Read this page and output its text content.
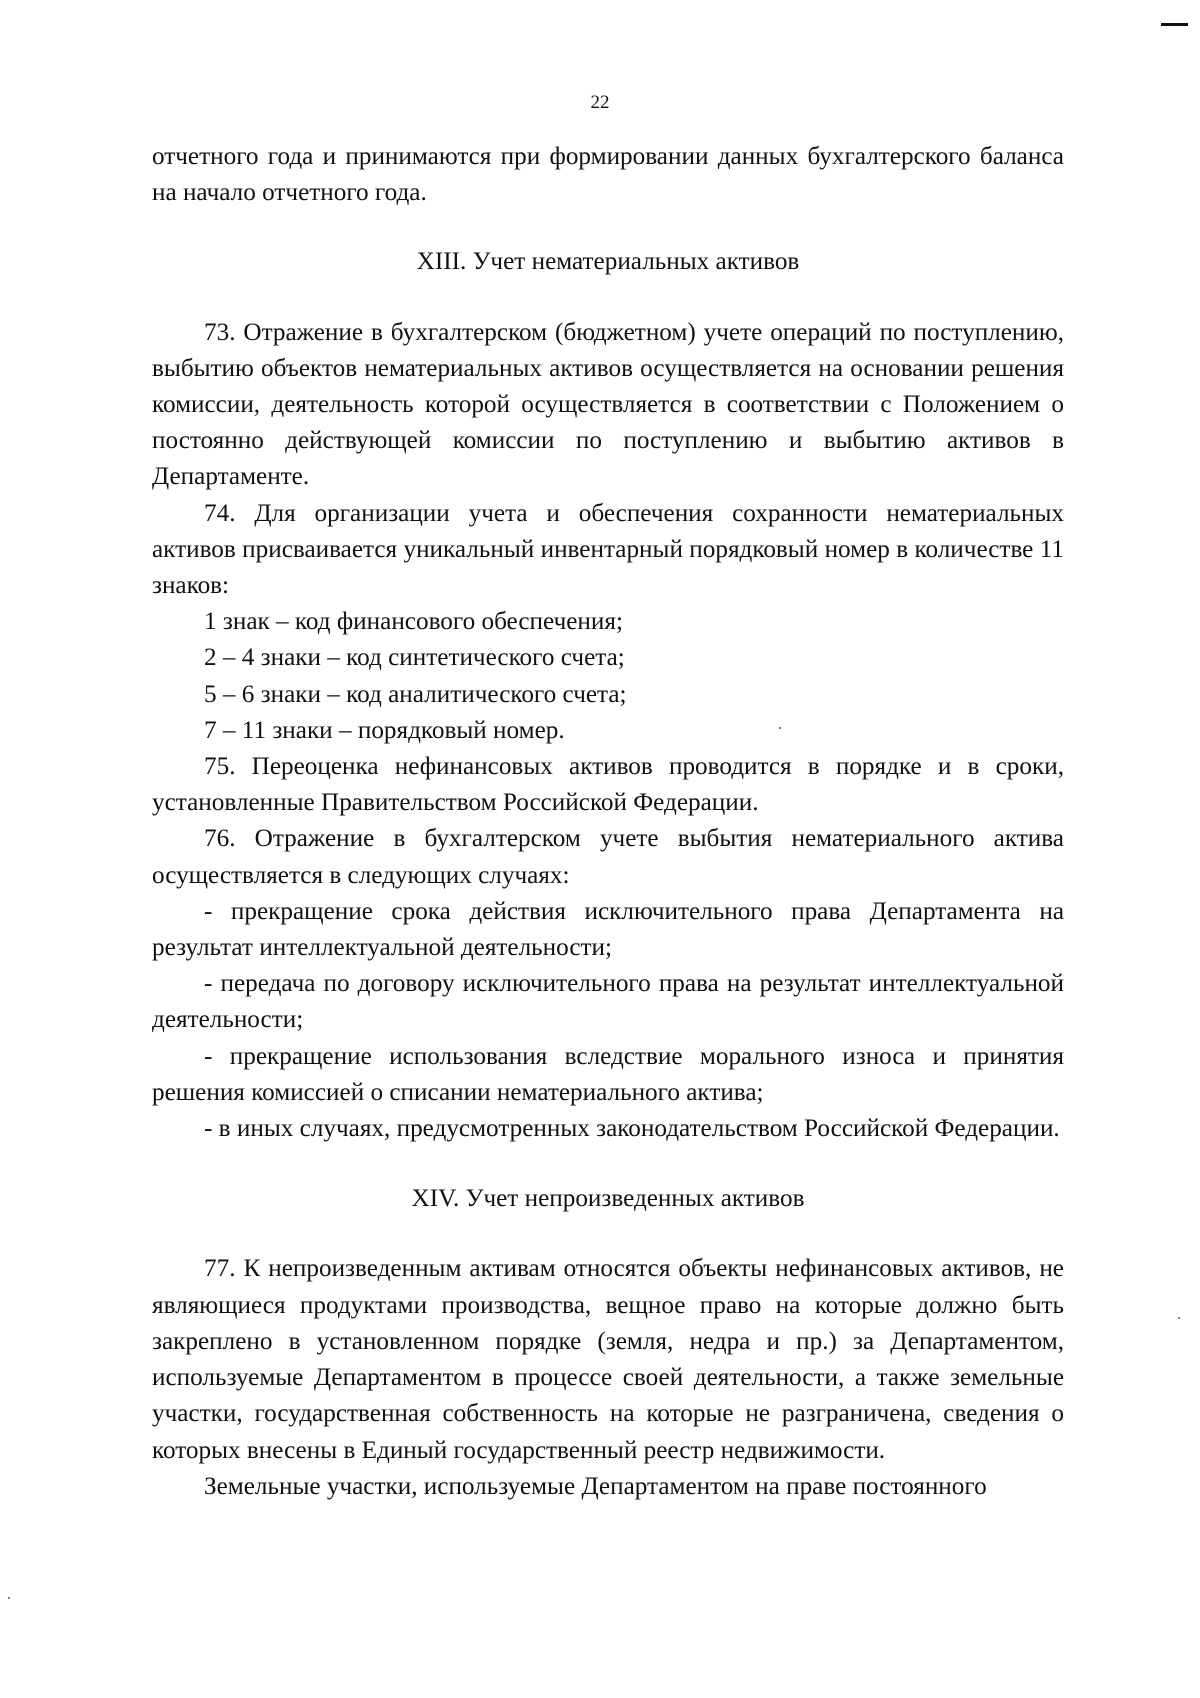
22

отчетного года и принимаются при формировании данных бухгалтерского баланса на начало отчетного года.

XIII. Учет нематериальных активов

73. Отражение в бухгалтерском (бюджетном) учете операций по поступлению, выбытию объектов нематериальных активов осуществляется на основании решения комиссии, деятельность которой осуществляется в соответствии с Положением о постоянно действующей комиссии по поступлению и выбытию активов в Департаменте.

74. Для организации учета и обеспечения сохранности нематериальных активов присваивается уникальный инвентарный порядковый номер в количестве 11 знаков:

1 знак – код финансового обеспечения;

2 – 4 знаки – код синтетического счета;

5 – 6 знаки – код аналитического счета;

7 – 11 знаки – порядковый номер.

75. Переоценка нефинансовых активов проводится в порядке и в сроки, установленные Правительством Российской Федерации.

76. Отражение в бухгалтерском учете выбытия нематериального актива осуществляется в следующих случаях:

- прекращение срока действия исключительного права Департамента на результат интеллектуальной деятельности;

- передача по договору исключительного права на результат интеллектуальной деятельности;

- прекращение использования вследствие морального износа и принятия решения комиссией о списании нематериального актива;

- в иных случаях, предусмотренных законодательством Российской Федерации.

XIV. Учет непроизведенных активов

77. К непроизведенным активам относятся объекты нефинансовых активов, не являющиеся продуктами производства, вещное право на которые должно быть закреплено в установленном порядке (земля, недра и пр.) за Департаментом, используемые Департаментом в процессе своей деятельности, а также земельные участки, государственная собственность на которые не разграничена, сведения о которых внесены в Единый государственный реестр недвижимости.

Земельные участки, используемые Департаментом на праве постоянного
